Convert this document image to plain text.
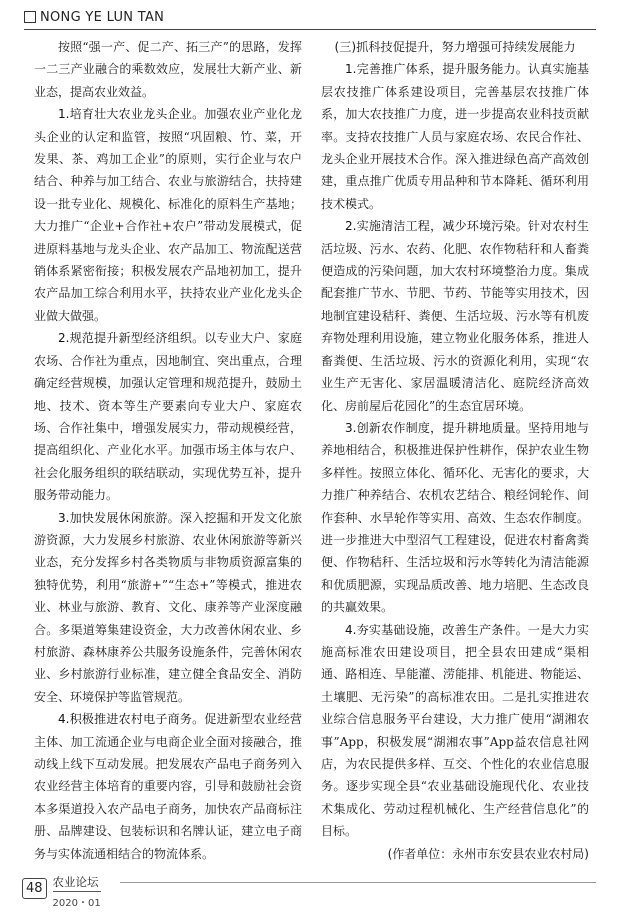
NONG YE LUN TAN

按照“强一产、促二产、拓三产”的思路，发挥一二三产业融合的乘数效应，发展壮大新产业、新业态，提高农业效益。

1.培育壮大农业龙头企业。加强农业产业化龙头企业的认定和监管，按照“巩固粮、竹、菜，开发果、茶、鸡加工企业”的原则，实行企业与农户结合、种养与加工结合、农业与旅游结合，扶持建设一批专业化、规模化、标准化的原料生产基地；大力推广“企业+合作社+农户”带动发展模式，促进原料基地与龙头企业、农产品加工、物流配送营销体系紧密衔接；积极发展农产品地初加工，提升农产品加工综合利用水平，扶持农业产业化龙头企业做大做强。

2.规范提升新型经济组织。以专业大户、家庭农场、合作社为重点，因地制宜、突出重点，合理确定经营规模，加强认定管理和规范提升，鼓励土地、技术、资本等生产要素向专业大户、家庭农场、合作社集中，增强发展实力，带动规模经营，提高组织化、产业化水平。加强市场主体与农户、社会化服务组织的联结联动，实现优势互补，提升服务带动能力。

3.加快发展休闲旅游。深入挖掘和开发文化旅游资源，大力发展乡村旅游、农业休闲旅游等新兴业态，充分发挥乡村各类物质与非物质资源富集的独特优势，利用“旅游+”“生态+”等模式，推进农业、林业与旅游、教育、文化、康养等产业深度融合。多渠道筹集建设资金，大力改善休闲农业、乡村旅游、森林康养公共服务设施条件，完善休闲农业、乡村旅游行业标准，建立健全食品安全、消防安全、环境保护等监管规范。

4.积极推进农村电子商务。促进新型农业经营主体、加工流通企业与电商企业全面对接融合，推动线上线下互动发展。把发展农产品电子商务列入农业经营主体培育的重要内容，引导和鼓励社会资本多渠道投入农产品电子商务，加快农产品商标注册、品牌建设、包装标识和名牌认证，建立电子商务与实体流通相结合的物流体系。

(三)抓科技促提升，努力增强可持续发展能力

1.完善推广体系，提升服务能力。认真实施基层农技推广体系建设项目，完善基层农技推广体系，加大农技推广力度，进一步提高农业科技贡献率。支持农技推广人员与家庭农场、农民合作社、龙头企业开展技术合作。深入推进绿色高产高效创建，重点推广优质专用品种和节本降耗、循环利用技术模式。

2.实施清洁工程，减少环境污染。针对农村生活垃圾、污水、农药、化肥、农作物秸秆和人畜粪便造成的污染问题，加大农村环境整治力度。集成配套推广节水、节肥、节药、节能等实用技术，因地制宜建设秸秆、粪便、生活垃圾、污水等有机废弃物处理利用设施，建立物业化服务体系，推进人畜粪便、生活垃圾、污水的资源化利用，实现“农业生产无害化、家居温暖清洁化、庭院经济高效化、房前屋后花园化”的生态宜居环境。

3.创新农作制度，提升耕地质量。坚持用地与养地相结合，积极推进保护性耕作，保护农业生物多样性。按照立体化、循环化、无害化的要求，大力推广种养结合、农机农艺结合、粮经饲轮作、间作套种、水旱轮作等实用、高效、生态农作制度。进一步推进大中型沼气工程建设，促进农村畜禽粪便、作物秸秆、生活垃圾和污水等转化为清洁能源和优质肥源，实现品质改善、地力培肥、生态改良的共赢效果。

4.夯实基础设施，改善生产条件。一是大力实施高标准农田建设项目，把全县农田建成“渠相通、路相连、旱能灌、涝能排、机能进、物能运、土壤肥、无污染”的高标准农田。二是扎实推进农业综合信息服务平台建设，大力推广使用“湖湘农事”App，积极发展“湖湘农事”App益农信息社网店，为农民提供多样、互交、个性化的农业信息服务。逐步实现全县“农业基础设施现代化、农业技术集成化、劳动过程机械化、生产经营信息化”的目标。

(作者单位：永州市东安县农业农村局)

48 农业论坛
2020・01
